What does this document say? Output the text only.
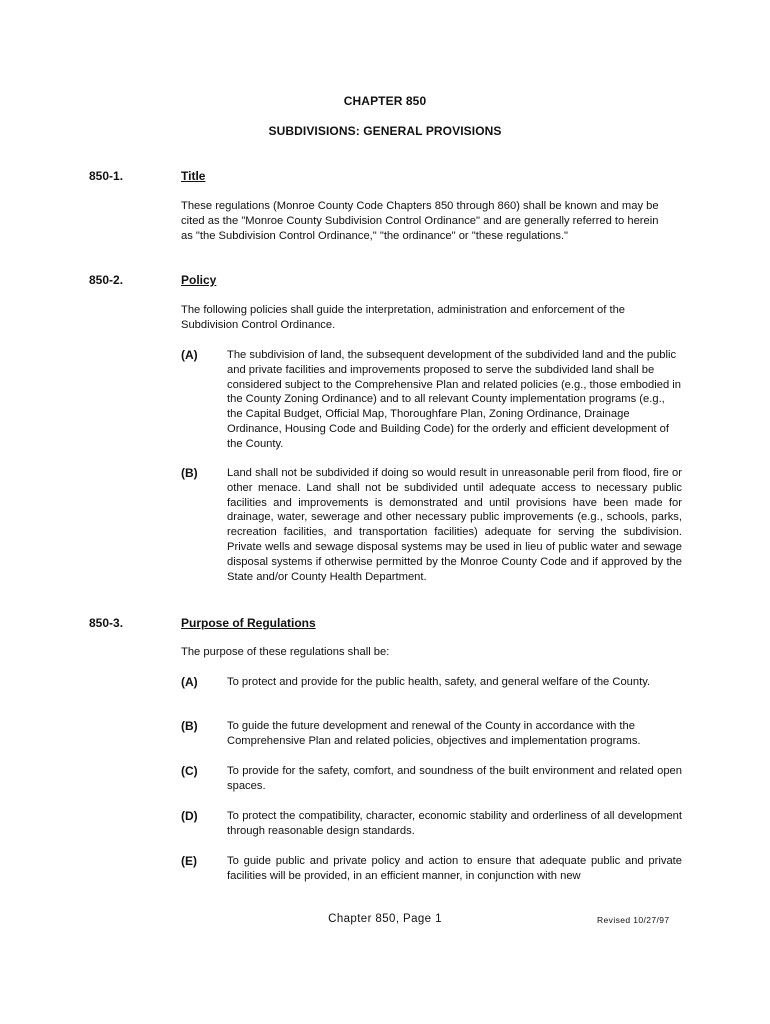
CHAPTER 850
SUBDIVISIONS: GENERAL PROVISIONS
850-1.	Title

These regulations (Monroe County Code Chapters 850 through 860) shall be known and may be cited as the "Monroe County Subdivision Control Ordinance" and are generally referred to herein as "the Subdivision Control Ordinance," "the ordinance" or "these regulations."

850-2.	Policy

The following policies shall guide the interpretation, administration and enforcement of the Subdivision Control Ordinance.

(A)	The subdivision of land, the subsequent development of the subdivided land and the public and private facilities and improvements proposed to serve the subdivided land shall be considered subject to the Comprehensive Plan and related policies (e.g., those embodied in the County Zoning Ordinance) and to all relevant County implementation programs (e.g., the Capital Budget, Official Map, Thoroughfare Plan, Zoning Ordinance, Drainage Ordinance, Housing Code and Building Code) for the orderly and efficient development of the County.

(B)	Land shall not be subdivided if doing so would result in unreasonable peril from flood, fire or other menace. Land shall not be subdivided until adequate access to necessary public facilities and improvements is demonstrated and until provisions have been made for drainage, water, sewerage and other necessary public improvements (e.g., schools, parks, recreation facilities, and transportation facilities) adequate for serving the subdivision. Private wells and sewage disposal systems may be used in lieu of public water and sewage disposal systems if otherwise permitted by the Monroe County Code and if approved by the State and/or County Health Department.

850-3.	Purpose of Regulations

The purpose of these regulations shall be:

(A)	To protect and provide for the public health, safety, and general welfare of the County.

(B)	To guide the future development and renewal of the County in accordance with the Comprehensive Plan and related policies, objectives and implementation programs.

(C)	To provide for the safety, comfort, and soundness of the built environment and related open spaces.

(D)	To protect the compatibility, character, economic stability and orderliness of all development through reasonable design standards.

(E)	To guide public and private policy and action to ensure that adequate public and private facilities will be provided, in an efficient manner, in conjunction with new

Chapter 850, Page 1	Revised 10/27/97
